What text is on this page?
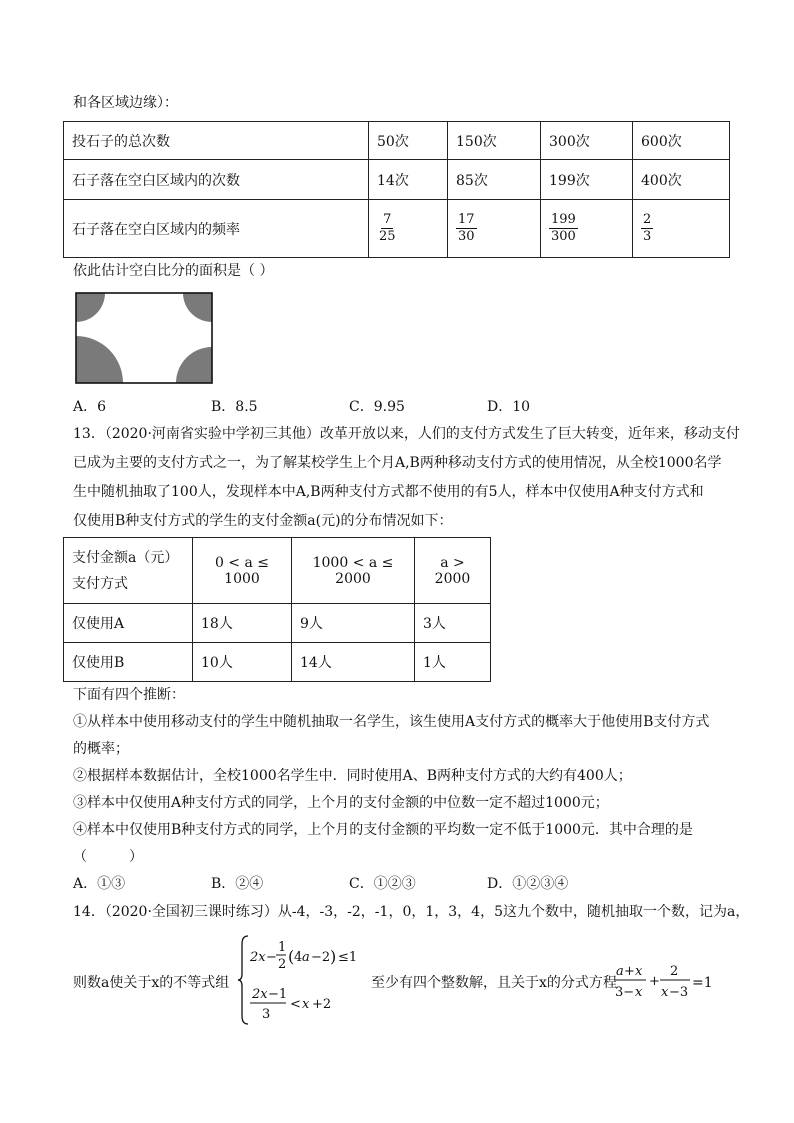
和各区域边缘）：
投石子的总次数	50次	150次	300次	600次
石子落在空白区域内的次数	14次	85次	199次	400次
石子落在空白区域内的频率	$\frac{7}{25}$	$\frac{17}{30}$	$\frac{199}{300}$	$\frac{2}{3}$
依此估计空白比分的面积是（ ）
A．6	B．8.5	C．9.95	D．10
13．（2020·河南省实验中学初三其他）改革开放以来，人们的支付方式发生了巨大转变，近年来，移动支付
已成为主要的支付方式之一，为了解某校学生上个月A,B两种移动支付方式的使用情况，从全校1000名学
生中随机抽取了100人，发现样本中A,B两种支付方式都不使用的有5人，样本中仅使用A种支付方式和
仅使用B种支付方式的学生的支付金额a(元)的分布情况如下：
支付金额a（元）
支付方式	0 < a ≤ 1000	1000 < a ≤ 2000	a > 2000
仅使用A	18人	9人	3人
仅使用B	10人	14人	1人
下面有四个推断：
①从样本中使用移动支付的学生中随机抽取一名学生，该生使用A支付方式的概率大于他使用B支付方式
的概率；
②根据样本数据估计，全校1000名学生中．同时使用A、B两种支付方式的大约有400人；
③样本中仅使用A种支付方式的同学，上个月的支付金额的中位数一定不超过1000元；
④样本中仅使用B种支付方式的同学，上个月的支付金额的平均数一定不低于1000元．其中合理的是
（　　　）
A．①③	B．②④	C．①②③	D．①②③④
14．（2020·全国初三课时练习）从-4，-3，-2，-1，0，1，3，4，5这九个数中，随机抽取一个数，记为a，
则数a使关于x的不等式组
2x −
1
2 ( 4 a −2 ) ≤1
2x −1
3
< x +2
至少有四个整数解，且关于x的分式方程
a + x
3− x
+
2
x −3
=1
